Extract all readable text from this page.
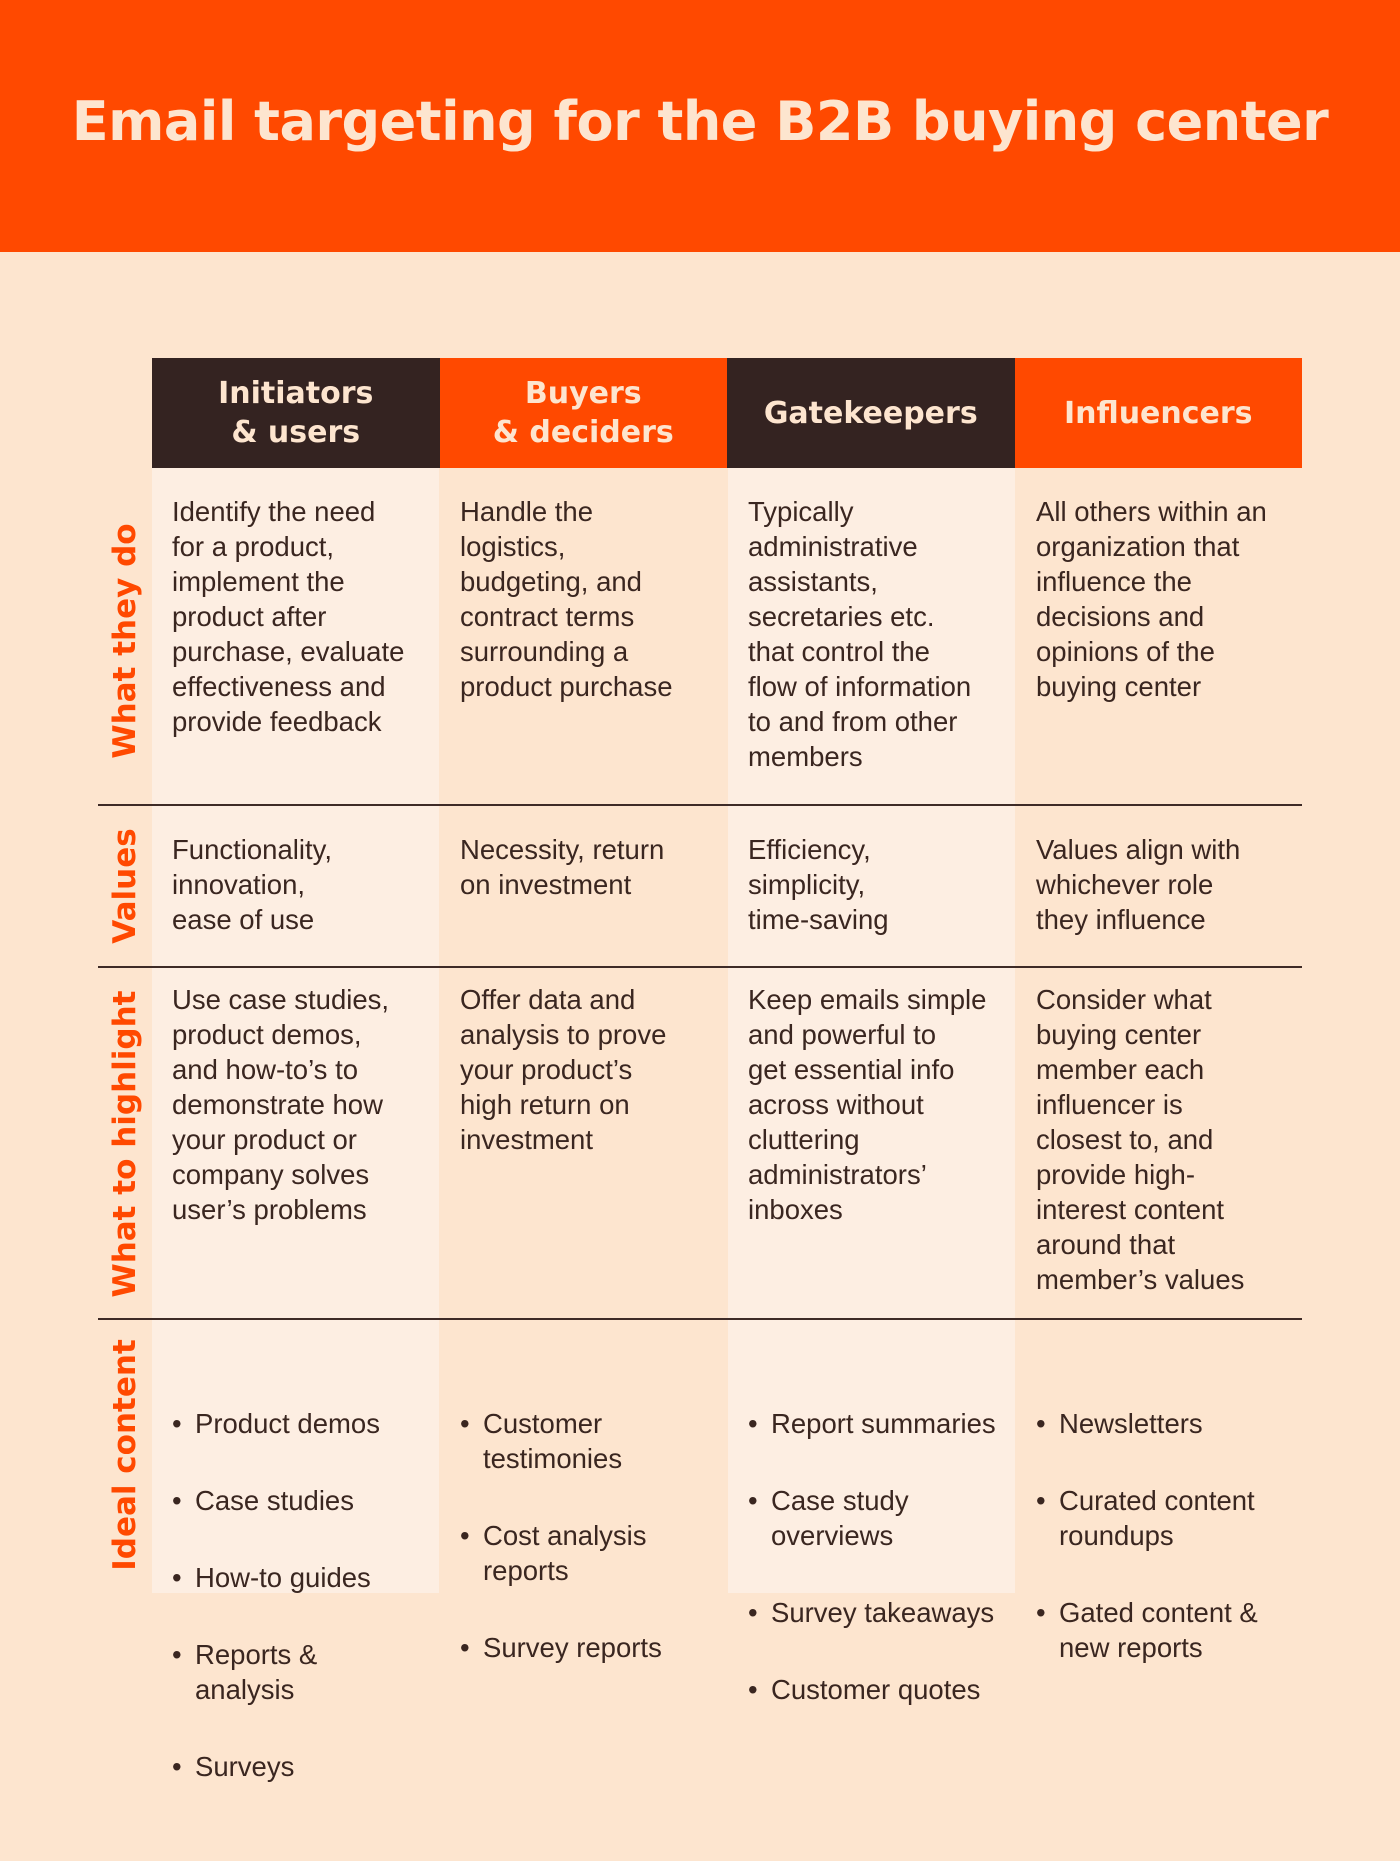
Email targeting for the B2B buying center
Initiators
& users
Buyers
& deciders
Gatekeepers	Influencers
What they do
Identify the need
for a product,
implement the
product after
purchase, evaluate
effectiveness and
provide feedback
Handle the
logistics,
budgeting, and
contract terms
surrounding a
product purchase
Typically
administrative
assistants,
secretaries etc.
that control the
flow of information
to and from other
members
All others within an
organization that
influence the
decisions and
opinions of the
buying center
Values Functionality,
innovation,
ease of use
Necessity, return
on investment
Efficiency,
simplicity,
time-saving
Values align with
whichever role
they influence
What to highlight Use case studies,
product demos,
and how-to’s to
demonstrate how
your product or
company solves
user’s problems
Offer data and
analysis to prove
your product’s
high return on
investment
Keep emails simple
and powerful to
get essential info
across without
cluttering
administrators’
inboxes
Consider what
buying center
member each
influencer is
closest to, and
provide high-
interest content
around that
member’s values
Ideal content

•	Product demos

• Case studies

• How-to guides

• Reports &
analysis

• Surveys

• Customer
testimonies

• Cost analysis
reports

• Survey reports

• Report summaries

• Case study
overviews

• Survey takeaways

• Customer quotes

• Newsletters

• Curated content
roundups

• Gated content &
new reports
